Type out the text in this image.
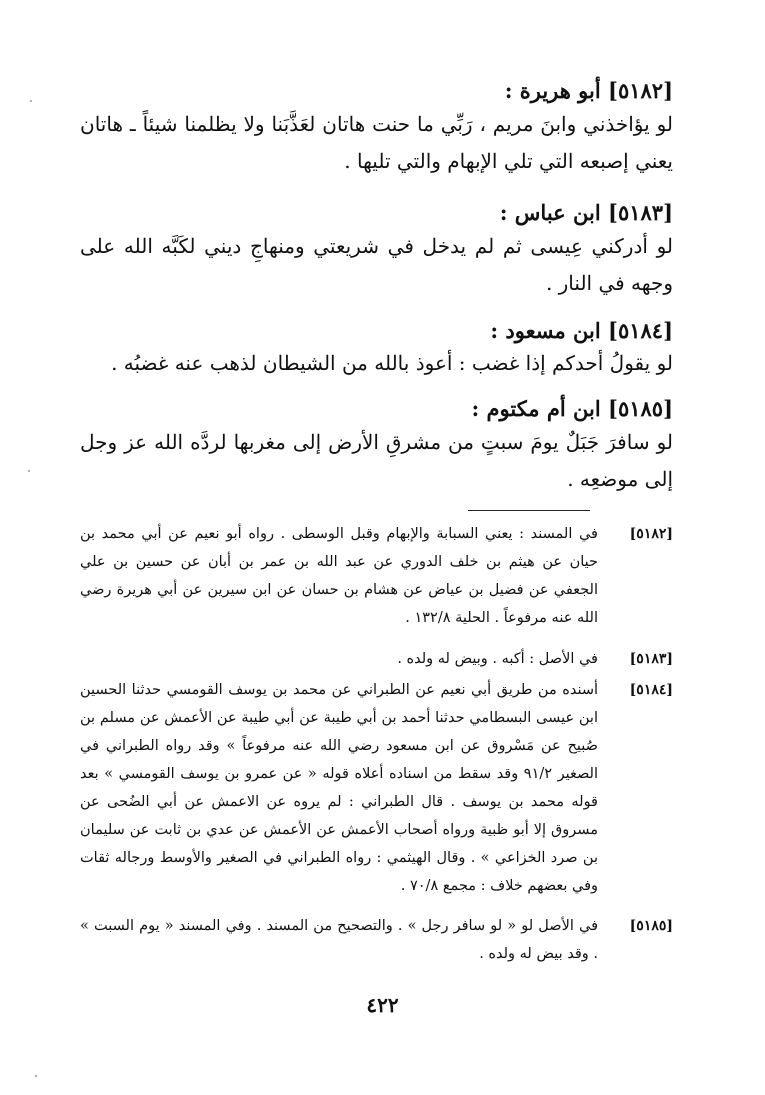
[٥١٨٢] أبو هريرة :
لو يؤاخذني وابنَ مريم ، رَبِّي ما حنت هاتان لعَذَّبَنا ولا يظلمنا شيئاً ـ هاتان يعني إصبعه التي تلي الإبهام والتي تليها .
[٥١٨٣] ابن عباس :
لو أدركني عِيسى ثم لم يدخل في شريعتي ومنهاجِ ديني لكَبَّه الله على وجهه في النار .
[٥١٨٤] ابن مسعود :
لو يقولُ أحدكم إذا غضب : أعوذ بالله من الشيطان لذهب عنه غضبُه .
[٥١٨٥] ابن أم مكتوم :
لو سافرَ جَبَلٌ يومَ سبتٍ من مشرقِ الأرض إلى مغربها لردَّه الله عز وجل إلى موضعِه .
[٥١٨٢]
في المسند : يعني السبابة والإبهام وقبل الوسطى . رواه أبو نعيم عن أبي محمد بن حيان عن هيثم بن خلف الدوري عن عبد الله بن عمر بن أبان عن حسين بن علي الجعفي عن فضيل بن عياض عن هشام بن حسان عن ابن سيرين عن أبي هريرة رضي الله عنه مرفوعاً . الحلية ١٣٢/٨ .
[٥١٨٣]
في الأصل : أكبه . وبيض له ولده .
[٥١٨٤]
أسنده من طريق أبي نعيم عن الطبراني عن محمد بن يوسف القومسي حدثنا الحسين ابن عيسى البسطامي حدثنا أحمد بن أبي طيبة عن أبي طيبة عن الأعمش عن مسلم بن صُبيح عن مَسْروق عن ابن مسعود رضي الله عنه مرفوعاً » وقد رواه الطبراني في الصغير ٩١/٢ وقد سقط من اسناده أعلاه قوله « عن عمرو بن يوسف القومسي » بعد قوله محمد بن يوسف . قال الطبراني : لم يروه عن الاعمش عن أبي الضُحى عن مسروق إلا أبو ظبية ورواه أصحاب الأعمش عن الأعمش عن عدي بن ثابت عن سليمان بن صرد الخزاعي » . وقال الهيثمي : رواه الطبراني في الصغير والأوسط ورجاله ثقات وفي بعضهم خلاف : مجمع ٧٠/٨ .
[٥١٨٥]
في الأصل لو « لو سافر رجل » . والتصحيح من المسند . وفي المسند « يوم السبت » . وقد بيض له ولده .
٤٢٢
